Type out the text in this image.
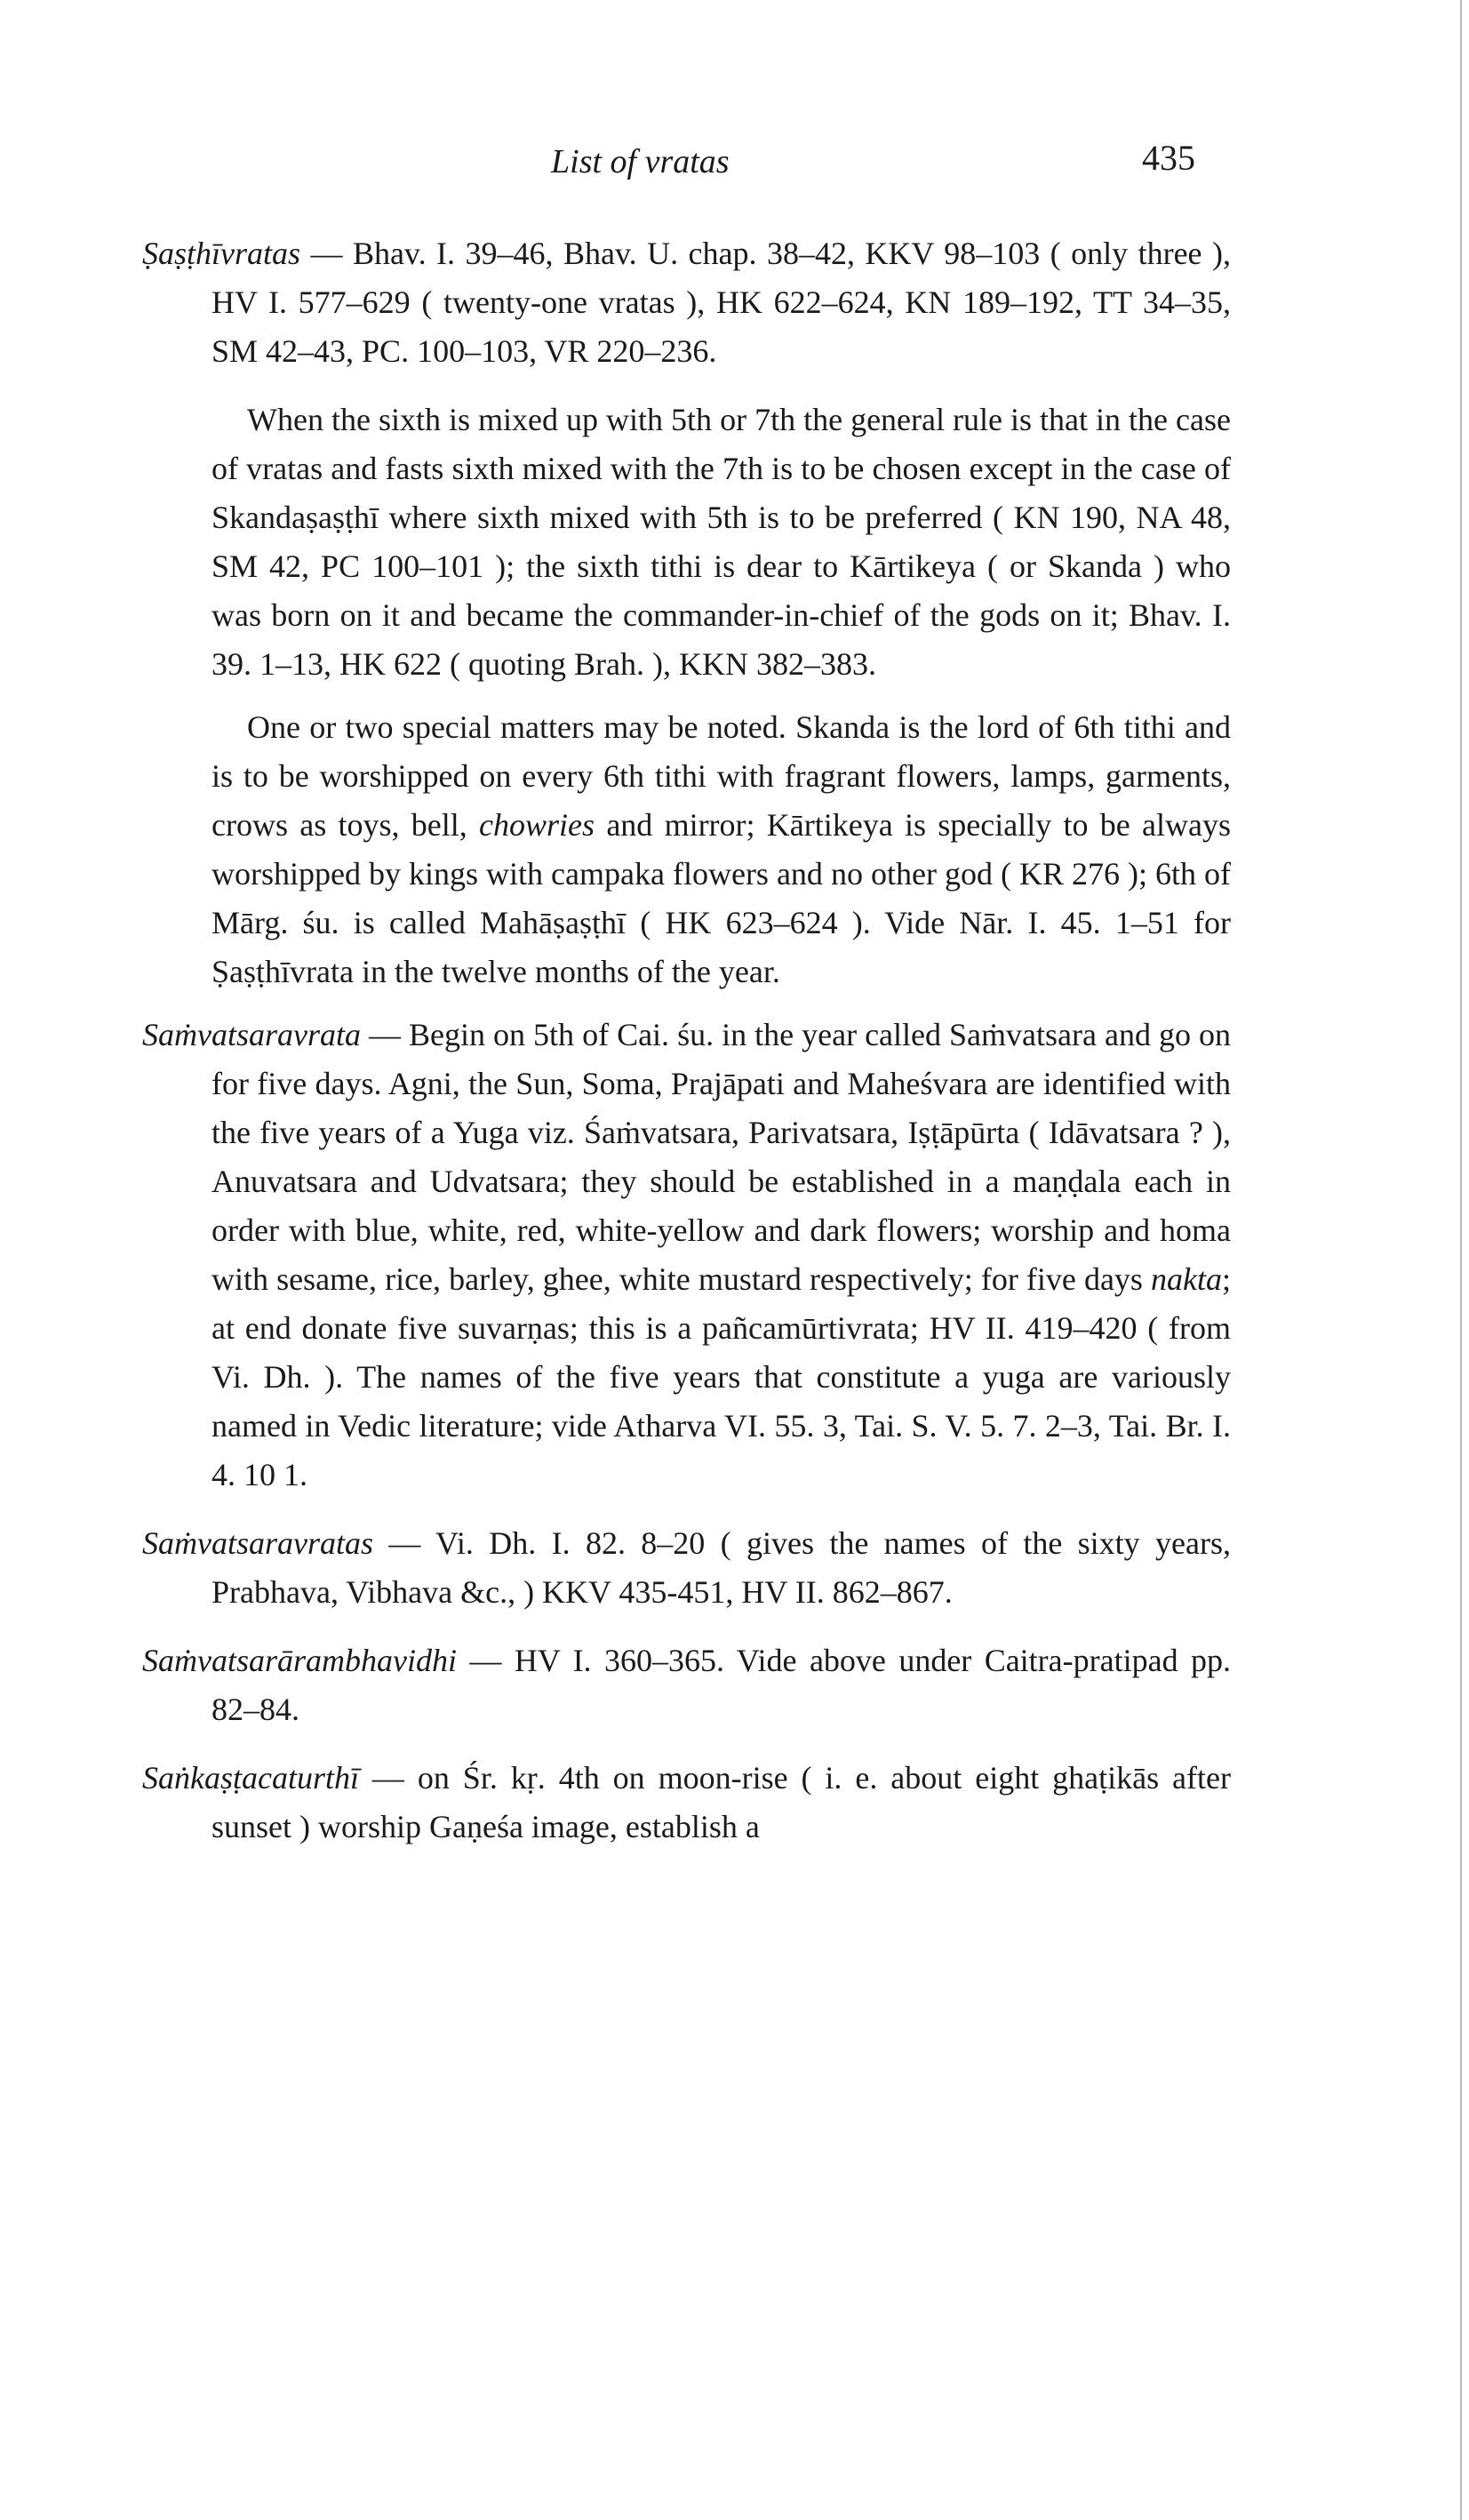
List of vratas	435

Ṣaṣṭhīvratas — Bhav. I. 39–46, Bhav. U. chap. 38–42, KKV 98–103 ( only three ), HV I. 577–629 ( twenty-one vratas ), HK 622–624, KN 189–192, TT 34–35, SM 42–43, PC. 100–103, VR 220–236.

When the sixth is mixed up with 5th or 7th the general rule is that in the case of vratas and fasts sixth mixed with the 7th is to be chosen except in the case of Skandaṣaṣṭhī where sixth mixed with 5th is to be preferred ( KN 190, NA 48, SM 42, PC 100–101 ); the sixth tithi is dear to Kārtikeya ( or Skanda ) who was born on it and became the commander-in-chief of the gods on it; Bhav. I. 39. 1–13, HK 622 ( quoting Brah. ), KKN 382–383.

One or two special matters may be noted. Skanda is the lord of 6th tithi and is to be worshipped on every 6th tithi with fragrant flowers, lamps, garments, crows as toys, bell, chowries and mirror; Kārtikeya is specially to be always worshipped by kings with campaka flowers and no other god ( KR 276 ); 6th of Mārg. śu. is called Mahāṣaṣṭhī ( HK 623–624 ). Vide Nār. I. 45. 1–51 for Ṣaṣṭhīvrata in the twelve months of the year.

Saṁvatsaravrata — Begin on 5th of Cai. śu. in the year called Saṁvatsara and go on for five days. Agni, the Sun, Soma, Prajāpati and Maheśvara are identified with the five years of a Yuga viz. Śaṁvatsara, Parivatsara, Iṣṭāpūrta ( Idāvatsara ? ), Anuvatsara and Udvatsara; they should be established in a maṇḍala each in order with blue, white, red, white-yellow and dark flowers; worship and homa with sesame, rice, barley, ghee, white mustard respectively; for five days nakta; at end donate five suvarṇas; this is a pañcamūrtivrata; HV II. 419–420 ( from Vi. Dh. ). The names of the five years that constitute a yuga are variously named in Vedic literature; vide Atharva VI. 55. 3, Tai. S. V. 5. 7. 2–3, Tai. Br. I. 4. 10 1.

Saṁvatsaravratas — Vi. Dh. I. 82. 8–20 ( gives the names of the sixty years, Prabhava, Vibhava &c., ) KKV 435-451, HV II. 862–867.

Saṁvatsarārambhavidhi — HV I. 360–365. Vide above under Caitra-pratipad pp. 82–84.

Saṅkaṣṭacaturthī — on Śr. kṛ. 4th on moon-rise ( i. e. about eight ghaṭikās after sunset ) worship Gaṇeśa image, establish a
